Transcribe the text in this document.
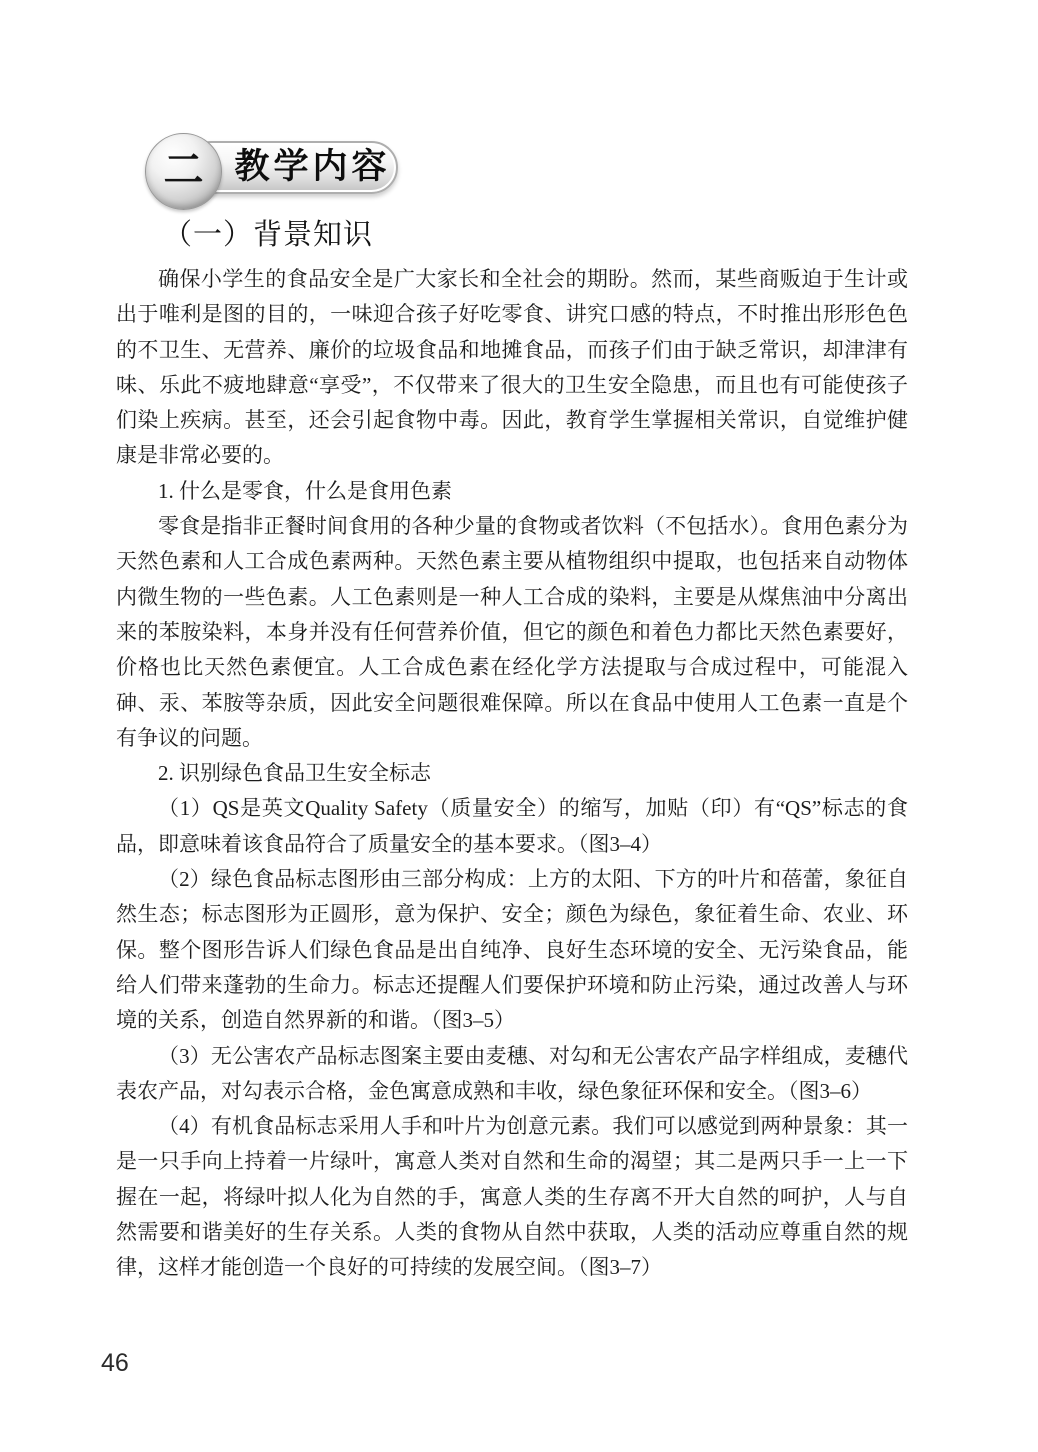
教学内容
二
（一）背景知识

确保小学生的食品安全是广大家长和全社会的期盼。然而，某些商贩迫于生计或出于唯利是图的目的，一味迎合孩子好吃零食、讲究口感的特点，不时推出形形色色的不卫生、无营养、廉价的垃圾食品和地摊食品，而孩子们由于缺乏常识，却津津有味、乐此不疲地肆意“享受”，不仅带来了很大的卫生安全隐患，而且也有可能使孩子们染上疾病。甚至，还会引起食物中毒。因此，教育学生掌握相关常识，自觉维护健康是非常必要的。

1. 什么是零食，什么是食用色素

零食是指非正餐时间食用的各种少量的食物或者饮料（不包括水）。食用色素分为天然色素和人工合成色素两种。天然色素主要从植物组织中提取，也包括来自动物体内微生物的一些色素。人工色素则是一种人工合成的染料，主要是从煤焦油中分离出来的苯胺染料，本身并没有任何营养价值，但它的颜色和着色力都比天然色素要好，价格也比天然色素便宜。人工合成色素在经化学方法提取与合成过程中，可能混入砷、汞、苯胺等杂质，因此安全问题很难保障。所以在食品中使用人工色素一直是个有争议的问题。

2. 识别绿色食品卫生安全标志

（1）QS是英文Quality Safety（质量安全）的缩写，加贴（印）有“QS”标志的食品，即意味着该食品符合了质量安全的基本要求。（图3–4）

（2）绿色食品标志图形由三部分构成：上方的太阳、下方的叶片和蓓蕾，象征自然生态；标志图形为正圆形，意为保护、安全；颜色为绿色，象征着生命、农业、环保。整个图形告诉人们绿色食品是出自纯净、良好生态环境的安全、无污染食品，能给人们带来蓬勃的生命力。标志还提醒人们要保护环境和防止污染，通过改善人与环境的关系，创造自然界新的和谐。（图3–5）

（3）无公害农产品标志图案主要由麦穗、对勾和无公害农产品字样组成，麦穗代表农产品，对勾表示合格，金色寓意成熟和丰收，绿色象征环保和安全。（图3–6）

（4）有机食品标志采用人手和叶片为创意元素。我们可以感觉到两种景象：其一是一只手向上持着一片绿叶，寓意人类对自然和生命的渴望；其二是两只手一上一下握在一起，将绿叶拟人化为自然的手，寓意人类的生存离不开大自然的呵护，人与自然需要和谐美好的生存关系。人类的食物从自然中获取，人类的活动应尊重自然的规律，这样才能创造一个良好的可持续的发展空间。（图3–7）

46
